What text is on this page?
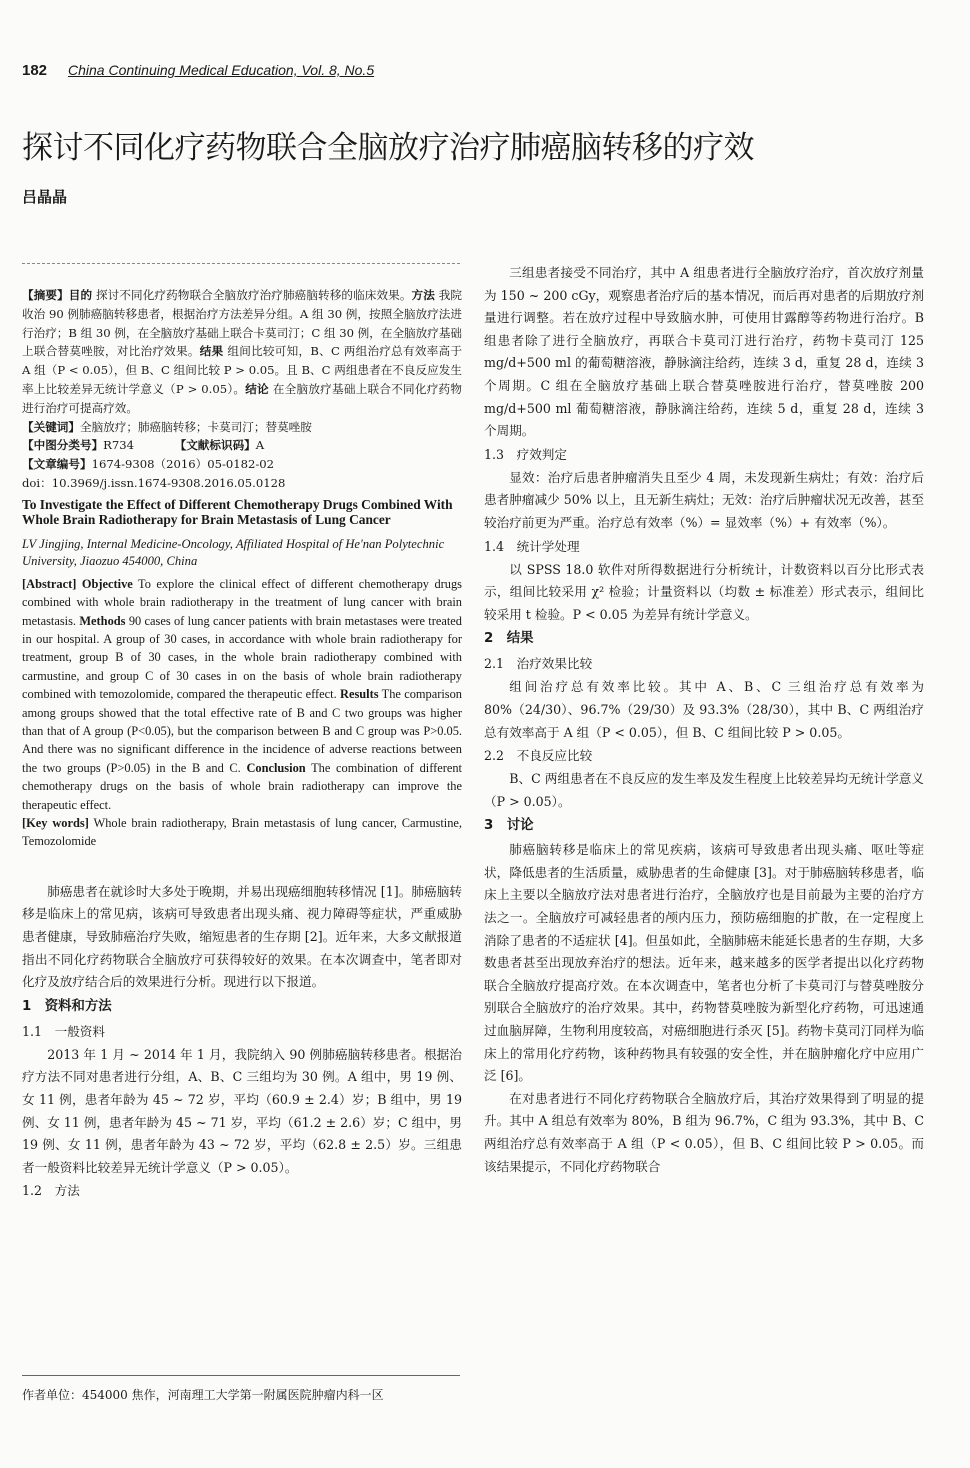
182 China Continuing Medical Education, Vol. 8, No.5
探讨不同化疗药物联合全脑放疗治疗肺癌脑转移的疗效
吕晶晶

【摘要】目的 探讨不同化疗药物联合全脑放疗治疗肺癌脑转移的临床效果。方法 我院收治 90 例肺癌脑转移患者，根据治疗方法差异分组。A 组 30 例，按照全脑放疗法进行治疗；B 组 30 例，在全脑放疗基础上联合卡莫司汀；C 组 30 例，在全脑放疗基础上联合替莫唑胺，对比治疗效果。结果 组间比较可知，B、C 两组治疗总有效率高于 A 组（P < 0.05），但 B、C 组间比较 P > 0.05。且 B、C 两组患者在不良反应发生率上比较差异无统计学意义（P > 0.05）。结论 在全脑放疗基础上联合不同化疗药物进行治疗可提高疗效。

【关键词】全脑放疗；肺癌脑转移；卡莫司汀；替莫唑胺

【中图分类号】R734　　　　	【文献标识码】A

【文章编号】1674-9308（2016）05-0182-02

doi：10.3969/j.issn.1674-9308.2016.05.0128

To Investigate the Effect of Different Chemotherapy Drugs Combined With Whole Brain Radiotherapy for Brain Metastasis of Lung Cancer

LV Jingjing, Internal Medicine-Oncology, Affiliated Hospital of He'nan Polytechnic University, Jiaozuo 454000, China

[Abstract] Objective To explore the clinical effect of different chemotherapy drugs combined with whole brain radiotherapy in the treatment of lung cancer with brain metastasis. Methods 90 cases of lung cancer patients with brain metastases were treated in our hospital. A group of 30 cases, in accordance with whole brain radiotherapy for treatment, group B of 30 cases, in the whole brain radiotherapy combined with carmustine, and group C of 30 cases in on the basis of whole brain radiotherapy combined with temozolomide, compared the therapeutic effect. Results The comparison among groups showed that the total effective rate of B and C two groups was higher than that of A group (P<0.05), but the comparison between B and C group was P>0.05. And there was no significant difference in the incidence of adverse reactions between the two groups (P>0.05) in the B and C. Conclusion The combination of different chemotherapy drugs on the basis of whole brain radiotherapy can improve the therapeutic effect.

[Key words] Whole brain radiotherapy, Brain metastasis of lung cancer, Carmustine, Temozolomide

肺癌患者在就诊时大多处于晚期，并易出现癌细胞转移情况 [1]。肺癌脑转移是临床上的常见病，该病可导致患者出现头痛、视力障碍等症状，严重威胁患者健康，导致肺癌治疗失败，缩短患者的生存期 [2]。近年来，大多文献报道指出不同化疗药物联合全脑放疗可获得较好的效果。在本次调查中，笔者即对化疗及放疗结合后的效果进行分析。现进行以下报道。

1　资料和方法

1.1　一般资料

2013 年 1 月 ~ 2014 年 1 月，我院纳入 90 例肺癌脑转移患者。根据治疗方法不同对患者进行分组，A、B、C 三组均为 30 例。A 组中，男 19 例、女 11 例，患者年龄为 45 ~ 72 岁，平均（60.9 ± 2.4）岁；B 组中，男 19 例、女 11 例，患者年龄为 45 ~ 71 岁，平均（61.2 ± 2.6）岁；C 组中，男 19 例、女 11 例，患者年龄为 43 ~ 72 岁，平均（62.8 ± 2.5）岁。三组患者一般资料比较差异无统计学意义（P > 0.05）。

1.2　方法

作者单位：454000 焦作，河南理工大学第一附属医院肿瘤内科一区

三组患者接受不同治疗，其中 A 组患者进行全脑放疗治疗，首次放疗剂量为 150 ~ 200 cGy，观察患者治疗后的基本情况，而后再对患者的后期放疗剂量进行调整。若在放疗过程中导致脑水肿，可使用甘露醇等药物进行治疗。B 组患者除了进行全脑放疗，再联合卡莫司汀进行治疗，药物卡莫司汀 125 mg/d+500 ml 的葡萄糖溶液，静脉滴注给药，连续 3 d，重复 28 d，连续 3 个周期。C 组在全脑放疗基础上联合替莫唑胺进行治疗，替莫唑胺 200 mg/d+500 ml 葡萄糖溶液，静脉滴注给药，连续 5 d，重复 28 d，连续 3 个周期。

1.3　疗效判定

显效：治疗后患者肿瘤消失且至少 4 周，未发现新生病灶；有效：治疗后患者肿瘤减少 50% 以上，且无新生病灶；无效：治疗后肿瘤状况无改善，甚至较治疗前更为严重。治疗总有效率（%）= 显效率（%）+ 有效率（%）。

1.4　统计学处理

以 SPSS 18.0 软件对所得数据进行分析统计，计数资料以百分比形式表示，组间比较采用 χ² 检验；计量资料以（均数 ± 标准差）形式表示，组间比较采用 t 检验。P < 0.05 为差异有统计学意义。

2　结果

2.1　治疗效果比较

组间治疗总有效率比较。其中 A、B、C 三组治疗总有效率为 80%（24/30）、96.7%（29/30）及 93.3%（28/30），其中 B、C 两组治疗总有效率高于 A 组（P < 0.05），但 B、C 组间比较 P > 0.05。

2.2　不良反应比较

B、C 两组患者在不良反应的发生率及发生程度上比较差异均无统计学意义（P > 0.05）。

3　讨论

肺癌脑转移是临床上的常见疾病，该病可导致患者出现头痛、呕吐等症状，降低患者的生活质量，威胁患者的生命健康 [3]。对于肺癌脑转移患者，临床上主要以全脑放疗法对患者进行治疗，全脑放疗也是目前最为主要的治疗方法之一。全脑放疗可减轻患者的颅内压力，预防癌细胞的扩散，在一定程度上消除了患者的不适症状 [4]。但虽如此，全脑肺癌未能延长患者的生存期，大多数患者甚至出现放弃治疗的想法。近年来，越来越多的医学者提出以化疗药物联合全脑放疗提高疗效。在本次调查中，笔者也分析了卡莫司汀与替莫唑胺分别联合全脑放疗的治疗效果。其中，药物替莫唑胺为新型化疗药物，可迅速通过血脑屏障，生物利用度较高，对癌细胞进行杀灭 [5]。药物卡莫司汀同样为临床上的常用化疗药物，该种药物具有较强的安全性，并在脑肿瘤化疗中应用广泛 [6]。

在对患者进行不同化疗药物联合全脑放疗后，其治疗效果得到了明显的提升。其中 A 组总有效率为 80%，B 组为 96.7%，C 组为 93.3%，其中 B、C 两组治疗总有效率高于 A 组（P < 0.05），但 B、C 组间比较 P > 0.05。而该结果提示，不同化疗药物联合
